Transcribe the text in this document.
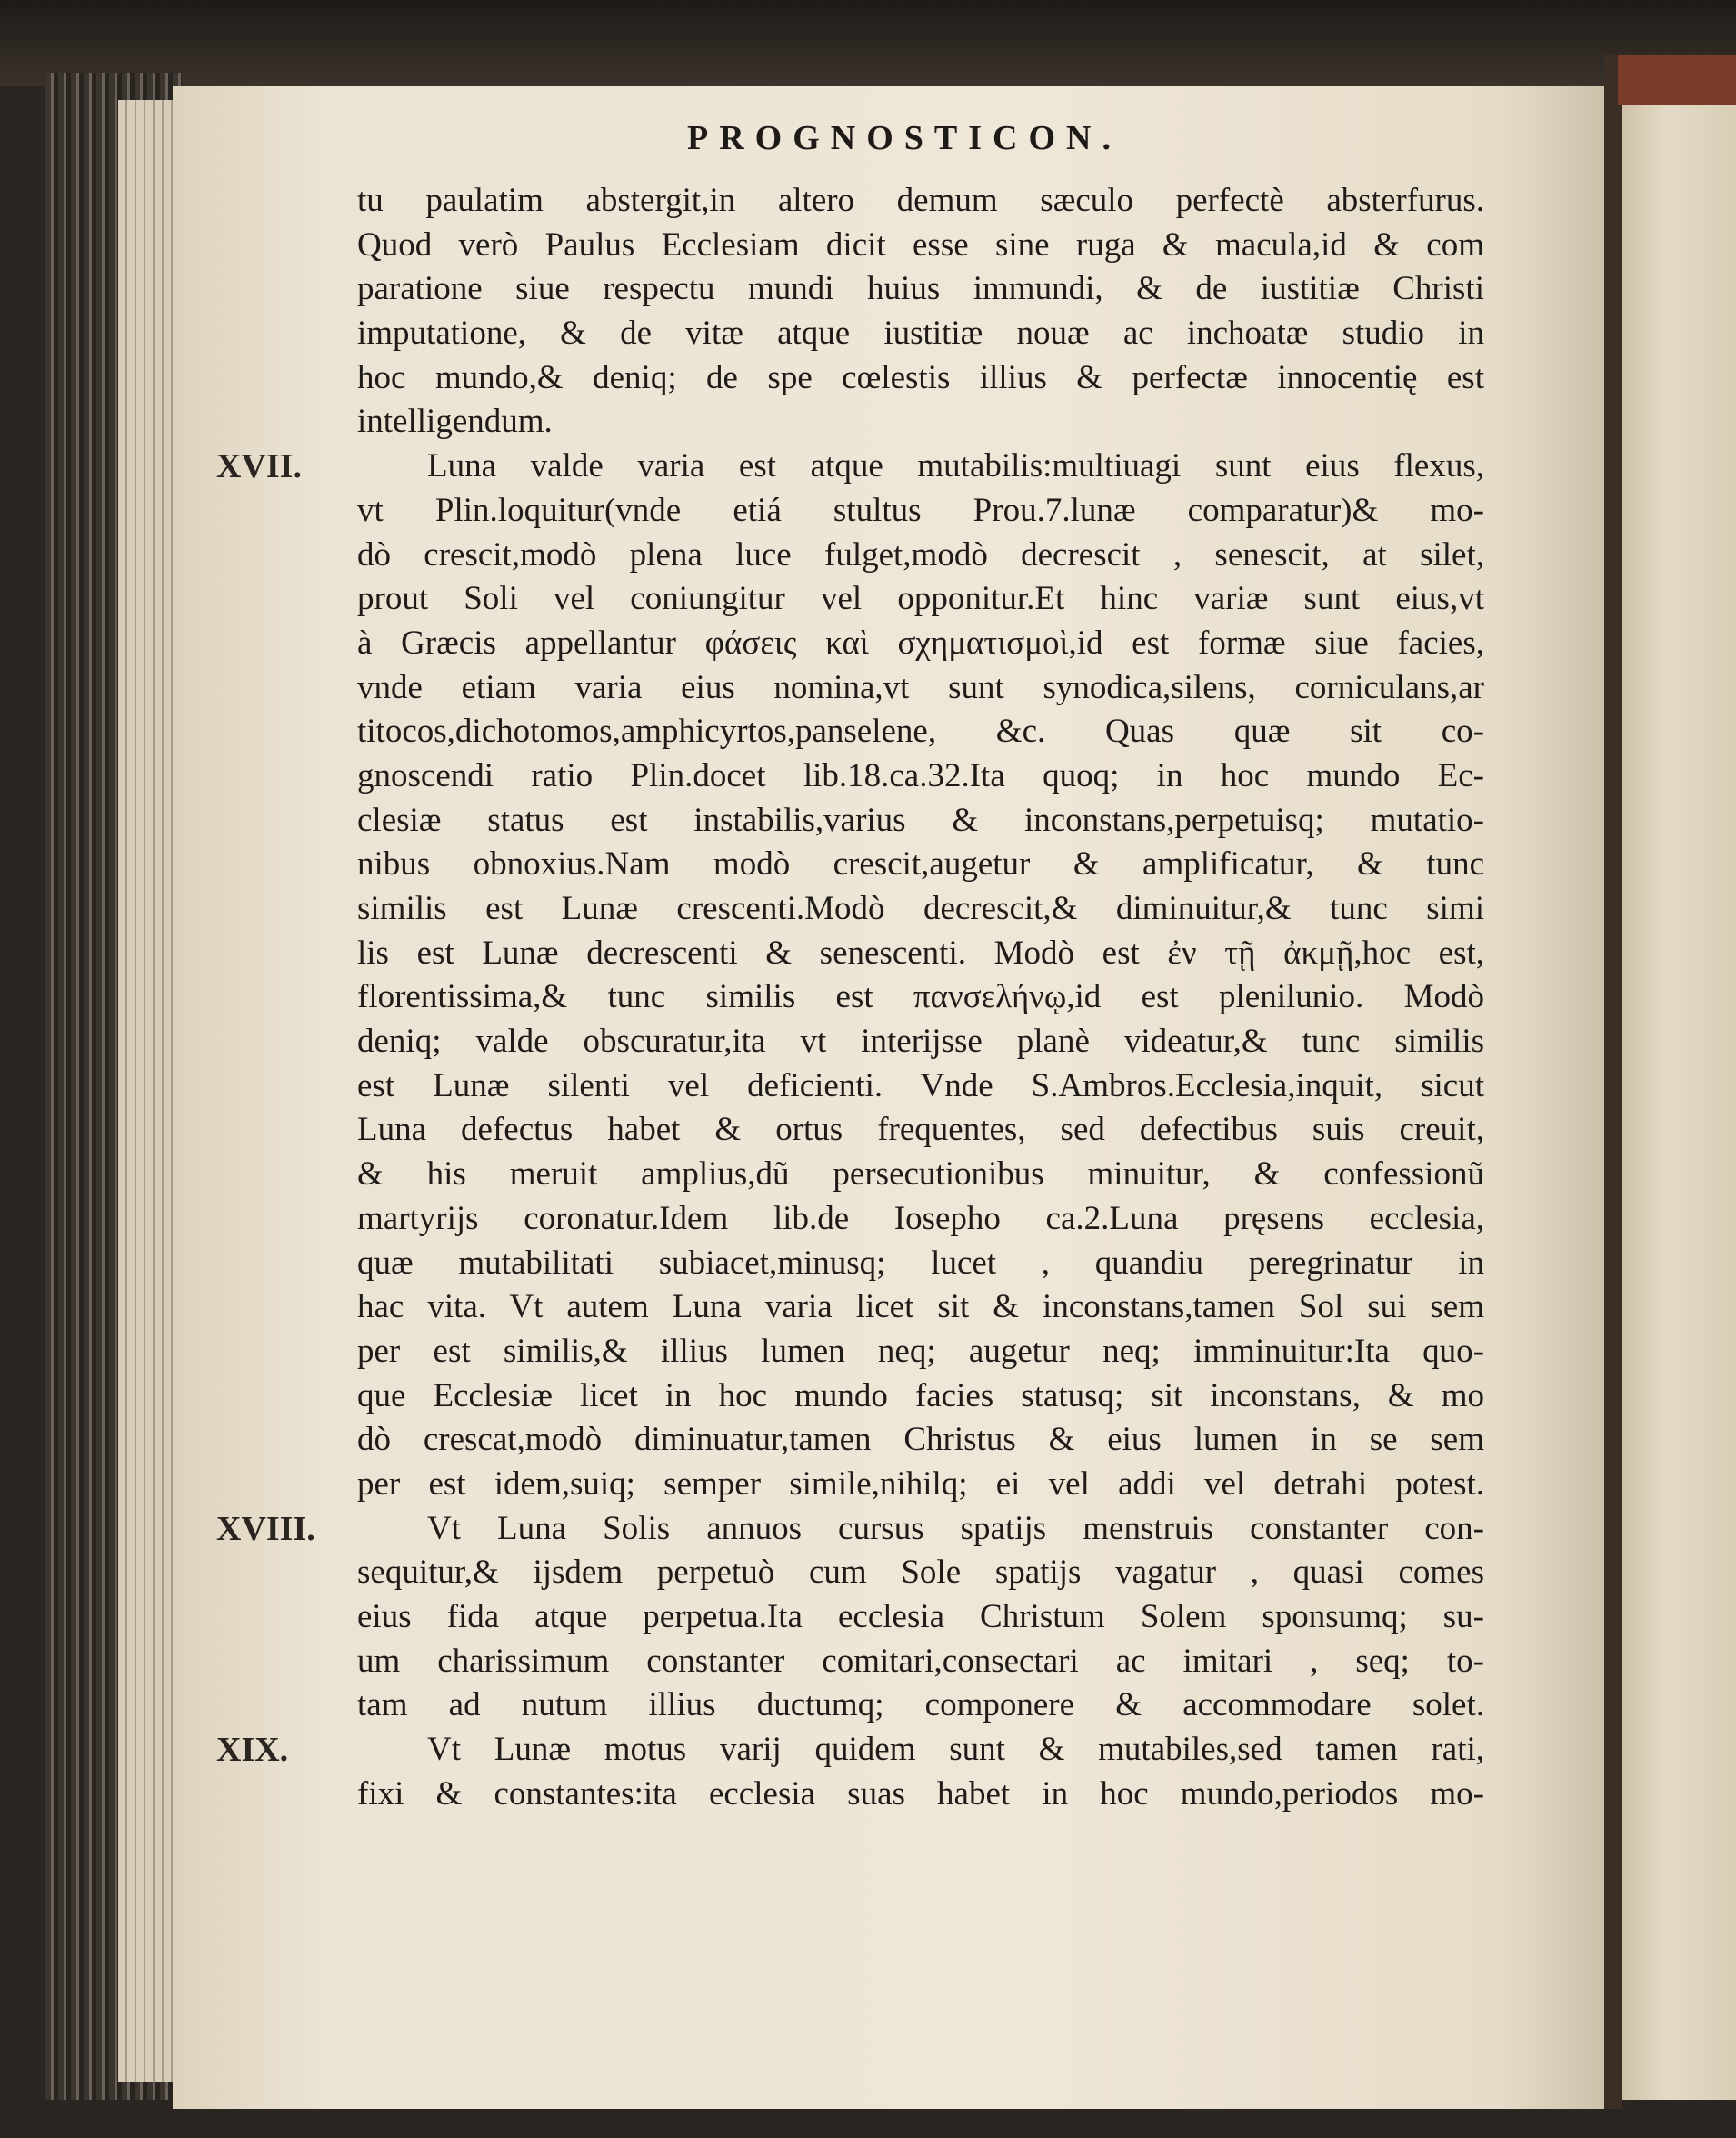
PROGNOSTICON.
tu paulatim abstergit,in altero demum sæculo perfectè absterfurus.
Quod verò Paulus Ecclesiam dicit esse sine ruga & macula,id & com
paratione siue respectu mundi huius immundi, & de iustitiæ Christi
imputatione, & de vitæ atque iustitiæ nouæ ac inchoatæ studio in
hoc mundo,& deniq; de spe cœlestis illius & perfectæ innocentię est
intelligendum.
Luna valde varia est atque mutabilis:multiuagi sunt eius flexus,
XVII.
vt Plin.loquitur(vnde etiá stultus Prou.7.lunæ comparatur)& mo-
dò crescit,modò plena luce fulget,modò decrescit , senescit, at silet,
prout Soli vel coniungitur vel opponitur.Et hinc variæ sunt eius,vt
à Græcis appellantur φάσεις καὶ σχηματισμοὶ,id est formæ siue facies,
vnde etiam varia eius nomina,vt sunt synodica,silens, corniculans,ar
titocos,dichotomos,amphicyrtos,panselene, &c. Quas quæ sit co-
gnoscendi ratio Plin.docet lib.18.ca.32.Ita quoq; in hoc mundo Ec-
clesiæ status est instabilis,varius & inconstans,perpetuisq; mutatio-
nibus obnoxius.Nam modò crescit,augetur & amplificatur, & tunc
similis est Lunæ crescenti.Modò decrescit,& diminuitur,& tunc simi
lis est Lunæ decrescenti & senescenti. Modò est ἐν τῇ ἀκμῇ,hoc est,
florentissima,& tunc similis est πανσελήνῳ,id est plenilunio. Modò
deniq; valde obscuratur,ita vt interijsse planè videatur,& tunc similis
est Lunæ silenti vel deficienti. Vnde S.Ambros.Ecclesia,inquit, sicut
Luna defectus habet & ortus frequentes, sed defectibus suis creuit,
& his meruit amplius,dũ persecutionibus minuitur, & confessionũ
martyrijs coronatur.Idem lib.de Iosepho ca.2.Luna pręsens ecclesia,
quæ mutabilitati subiacet,minusq; lucet , quandiu peregrinatur in
hac vita. Vt autem Luna varia licet sit & inconstans,tamen Sol sui sem
per est similis,& illius lumen neq; augetur neq; imminuitur:Ita quo-
que Ecclesiæ licet in hoc mundo facies statusq; sit inconstans, & mo
dò crescat,modò diminuatur,tamen Christus & eius lumen in se sem
per est idem,suiq; semper simile,nihilq; ei vel addi vel detrahi potest.
Vt Luna Solis annuos cursus spatijs menstruis constanter con-
XVIII.
sequitur,& ijsdem perpetuò cum Sole spatijs vagatur , quasi comes
eius fida atque perpetua.Ita ecclesia Christum Solem sponsumq; su-
um charissimum constanter comitari,consectari ac imitari , seq; to-
tam ad nutum illius ductumq; componere & accommodare solet.
Vt Lunæ motus varij quidem sunt & mutabiles,sed tamen rati,
XIX.
fixi & constantes:ita ecclesia suas habet in hoc mundo,periodos mo-
